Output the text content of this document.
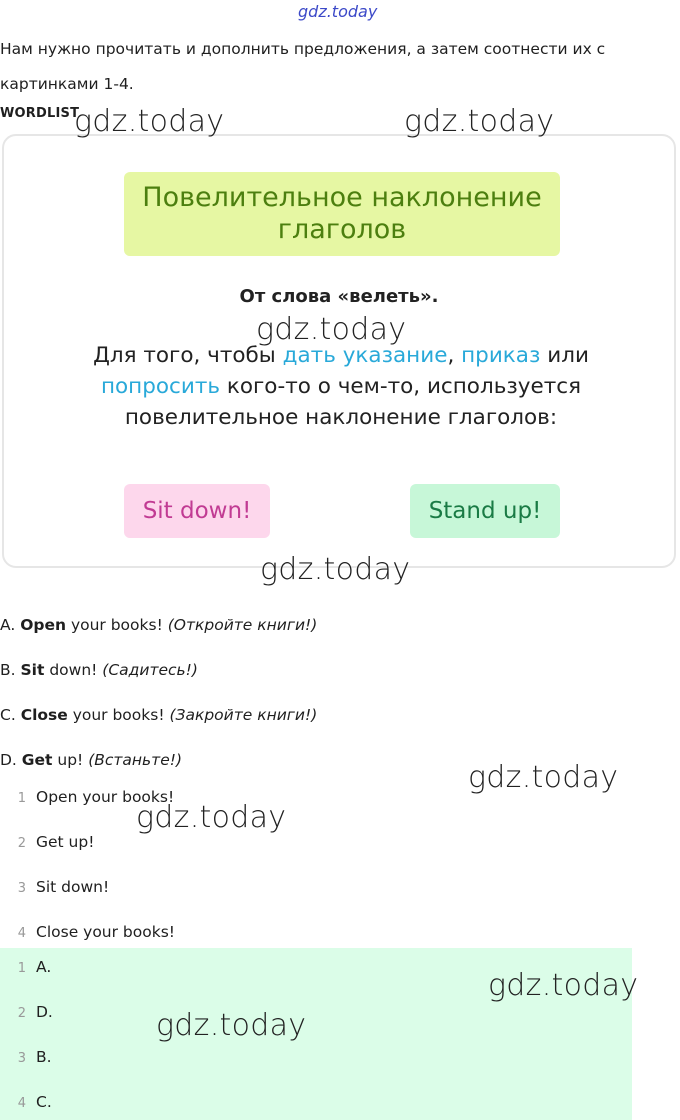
gdz.today
Нам нужно прочитать и дополнить предложения, а затем соотнести их с картинками 1-4.
WORDLIST
Повелительное наклонение глаголов
От слова «велеть».
Для того, чтобы дать указание, приказ или попросить кого-то о чем-то, используется повелительное наклонение глаголов:
Sit down!	Stand up!
A. Open your books! (Откройте книги!)
B. Sit down! (Садитесь!)
C. Close your books! (Закройте книги!)
D. Get up! (Встаньте!)
1 Open your books!
2 Get up!
3 Sit down!
4 Close your books!
1 A.
2 D.
3 B.
4 C.
gdz.today	gdz.today
gdz.today
gdz.today
gdz.today
gdz.today
gdz.today
gdz.today
